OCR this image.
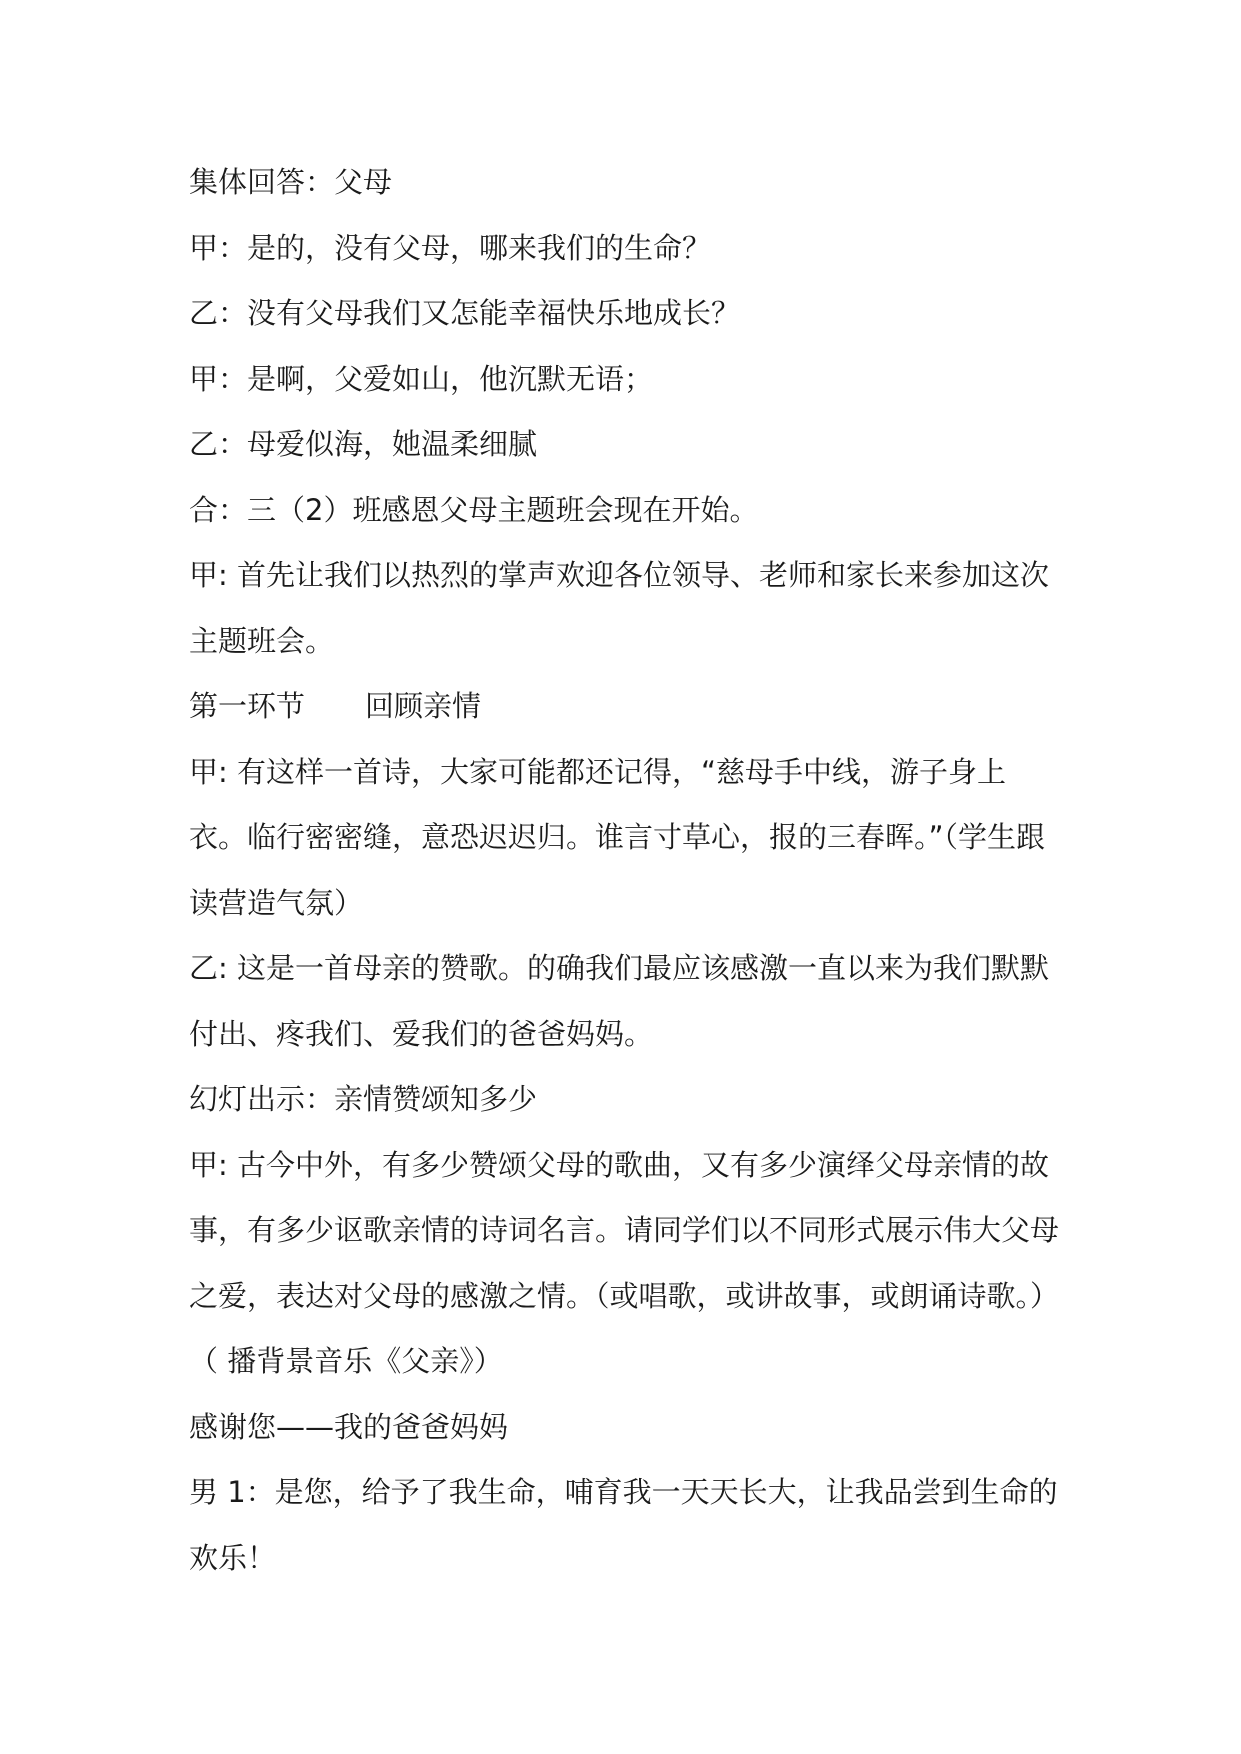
集体回答：父母

甲：是的，没有父母，哪来我们的生命？

乙：没有父母我们又怎能幸福快乐地成长？

甲：是啊，父爱如山，他沉默无语；

乙：母爱似海，她温柔细腻

合：三（2）班感恩父母主题班会现在开始。

甲: 首先让我们以热烈的掌声欢迎各位领导、老师和家长来参加这次主题班会。

第一环节 回顾亲情

甲: 有这样一首诗，大家可能都还记得，“慈母手中线，游子身上衣。临行密密缝，意恐迟迟归。谁言寸草心，报的三春晖。”（学生跟读营造气氛）

乙: 这是一首母亲的赞歌。的确我们最应该感激一直以来为我们默默付出、疼我们、爱我们的爸爸妈妈。

幻灯出示：亲情赞颂知多少

甲: 古今中外，有多少赞颂父母的歌曲，又有多少演绎父母亲情的故事，有多少讴歌亲情的诗词名言。请同学们以不同形式展示伟大父母之爱，表达对父母的感激之情。（或唱歌，或讲故事，或朗诵诗歌。）

（ 播背景音乐《父亲》）

感谢您——我的爸爸妈妈

男 1：是您，给予了我生命，哺育我一天天长大，让我品尝到生命的欢乐！
